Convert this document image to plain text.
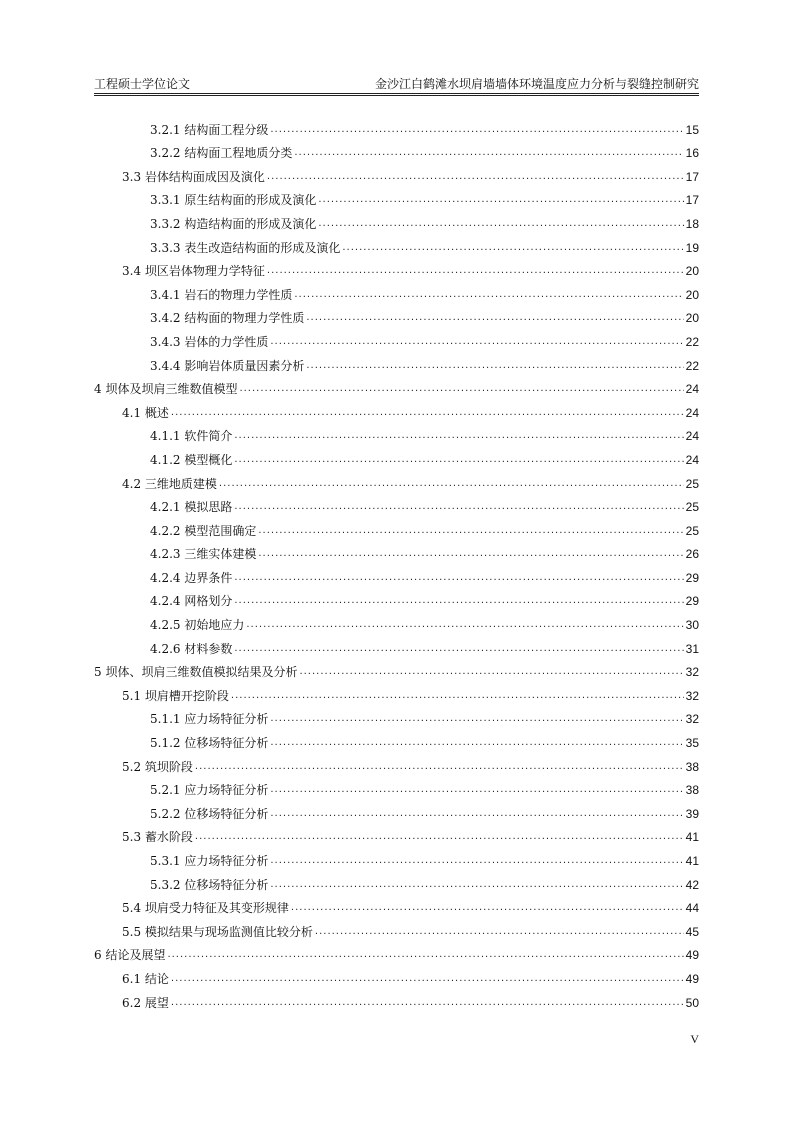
工程硕士学位论文	金沙江白鹤滩水坝肩墙墙体环境温度应力分析与裂缝控制研究
3.2.1 结构面工程分级 .....	15
3.2.2 结构面工程地质分类 .....	16
3.3 岩体结构面成因及演化 .....	17
3.3.1 原生结构面的形成及演化 .....	17
3.3.2 构造结构面的形成及演化 .....	18
3.3.3 表生改造结构面的形成及演化 .....	19
3.4 坝区岩体物理力学特征 .....	20
3.4.1 岩石的物理力学性质 .....	20
3.4.2 结构面的物理力学性质 .....	20
3.4.3 岩体的力学性质 .....	22
3.4.4 影响岩体质量因素分析 .....	22
4 坝体及坝肩三维数值模型 .....	24
4.1 概述 .....	24
4.1.1 软件简介 .....	24
4.1.2 模型概化 .....	24
4.2 三维地质建模 .....	25
4.2.1 模拟思路 .....	25
4.2.2 模型范围确定 .....	25
4.2.3 三维实体建模 .....	26
4.2.4 边界条件 .....	29
4.2.4 网格划分 .....	29
4.2.5 初始地应力 .....	30
4.2.6 材料参数 .....	31
5 坝体、坝肩三维数值模拟结果及分析 .....	32
5.1 坝肩槽开挖阶段 .....	32
5.1.1 应力场特征分析 .....	32
5.1.2 位移场特征分析 .....	35
5.2 筑坝阶段 .....	38
5.2.1 应力场特征分析 .....	38
5.2.2 位移场特征分析 .....	39
5.3 蓄水阶段 .....	41
5.3.1 应力场特征分析 .....	41
5.3.2 位移场特征分析 .....	42
5.4 坝肩受力特征及其变形规律 .....	44
5.5 模拟结果与现场监测值比较分析 .....	45
6 结论及展望 .....	49
6.1 结论 .....	49
6.2 展望 .....	50
V
